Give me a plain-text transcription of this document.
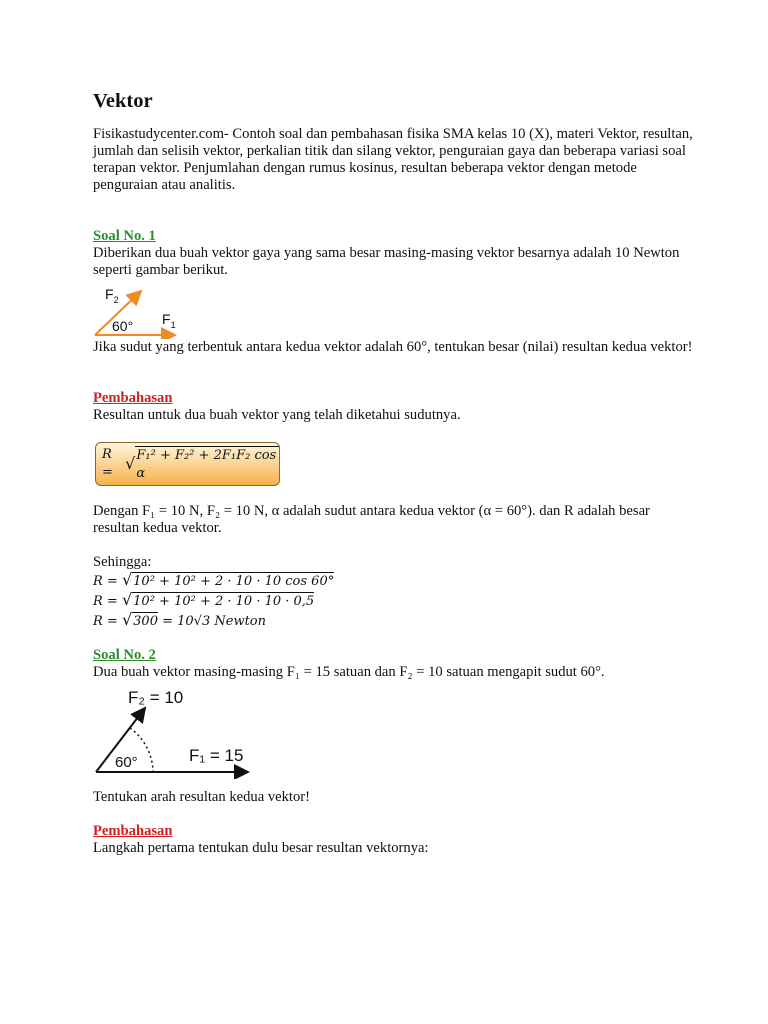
Vektor

Fisikastudycenter.com- Contoh soal dan pembahasan fisika SMA kelas 10 (X), materi Vektor, resultan, jumlah dan selisih vektor, perkalian titik dan silang vektor, penguraian gaya dan beberapa variasi soal terapan vektor. Penjumlahan dengan rumus kosinus, resultan beberapa vektor dengan metode penguraian atau analitis.

Soal No. 1

Diberikan dua buah vektor gaya yang sama besar masing-masing vektor besarnya adalah 10 Newton seperti gambar berikut.

$F_2$
60° $F_1$

Jika sudut yang terbentuk antara kedua vektor adalah 60°, tentukan besar (nilai) resultan kedua vektor!

Pembahasan

Resultan untuk dua buah vektor yang telah diketahui sudutnya.

R = √ F₁² + F₂² + 2F₁F₂ cos α

Dengan F₁ = 10 N, F₂ = 10 N, α adalah sudut antara kedua vektor (α = 60°). dan R adalah besar resultan kedua vektor.

Sehingga:

R = √10² + 10² + 2 · 10 · 10 cos 60°
R = √10² + 10² + 2 · 10 · 10 · 0,5
R = √300 = 10√3 Newton
Soal No. 2

Dua buah vektor masing-masing F₁ = 15 satuan dan F₂ = 10 satuan mengapit sudut 60°.

F₂ = 10
60°	F₁ = 15

Tentukan arah resultan kedua vektor!

Pembahasan

Langkah pertama tentukan dulu besar resultan vektornya:
